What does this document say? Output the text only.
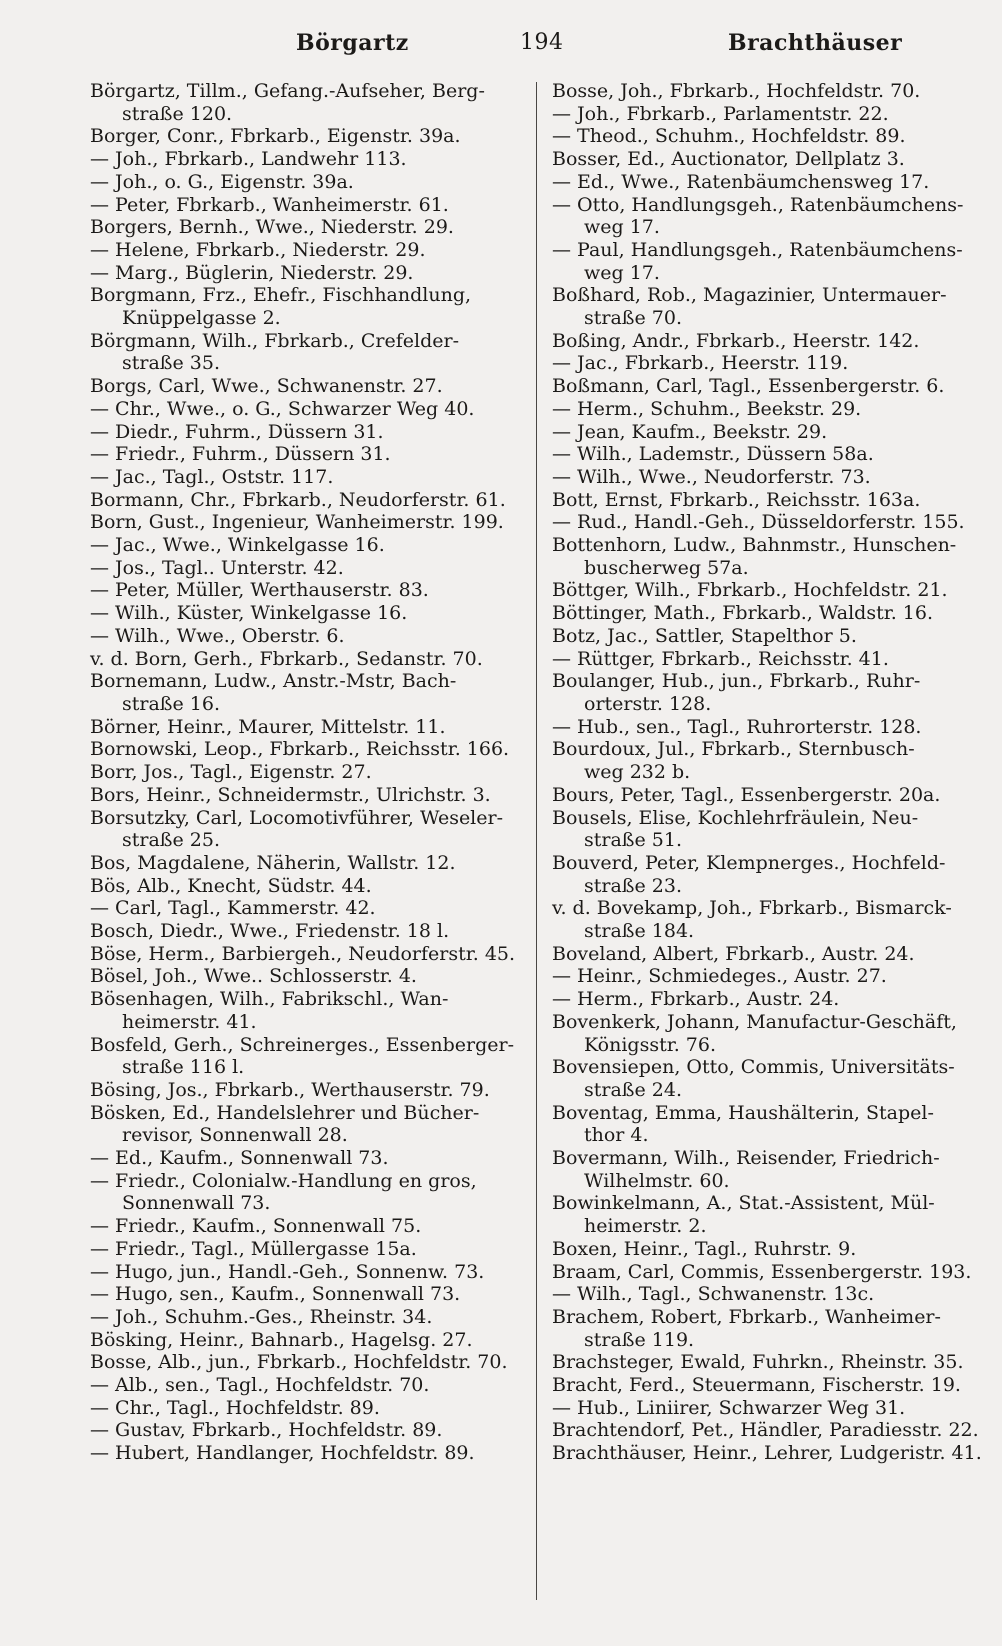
Börgartz	194	Brachthäuser
Börgartz, Tillm., Gefang.-Aufseher, Berg-
straße 120.
Borger, Conr., Fbrkarb., Eigenstr. 39a.
— Joh., Fbrkarb., Landwehr 113.
— Joh., o. G., Eigenstr. 39a.
— Peter, Fbrkarb., Wanheimerstr. 61.
Borgers, Bernh., Wwe., Niederstr. 29.
— Helene, Fbrkarb., Niederstr. 29.
— Marg., Büglerin, Niederstr. 29.
Borgmann, Frz., Ehefr., Fischhandlung,
Knüppelgasse 2.
Börgmann, Wilh., Fbrkarb., Crefelder-
straße 35.
Borgs, Carl, Wwe., Schwanenstr. 27.
— Chr., Wwe., o. G., Schwarzer Weg 40.
— Diedr., Fuhrm., Düssern 31.
— Friedr., Fuhrm., Düssern 31.
— Jac., Tagl., Oststr. 117.
Bormann, Chr., Fbrkarb., Neudorferstr. 61.
Born, Gust., Ingenieur, Wanheimerstr. 199.
— Jac., Wwe., Winkelgasse 16.
— Jos., Tagl.. Unterstr. 42.
— Peter, Müller, Werthauserstr. 83.
— Wilh., Küster, Winkelgasse 16.
— Wilh., Wwe., Oberstr. 6.
v. d. Born, Gerh., Fbrkarb., Sedanstr. 70.
Bornemann, Ludw., Anstr.-Mstr, Bach-
straße 16.
Börner, Heinr., Maurer, Mittelstr. 11.
Bornowski, Leop., Fbrkarb., Reichsstr. 166.
Borr, Jos., Tagl., Eigenstr. 27.
Bors, Heinr., Schneidermstr., Ulrichstr. 3.
Borsutzky, Carl, Locomotivführer, Weseler-
straße 25.
Bos, Magdalene, Näherin, Wallstr. 12.
Bös, Alb., Knecht, Südstr. 44.
— Carl, Tagl., Kammerstr. 42.
Bosch, Diedr., Wwe., Friedenstr. 18 l.
Böse, Herm., Barbiergeh., Neudorferstr. 45.
Bösel, Joh., Wwe.. Schlosserstr. 4.
Bösenhagen, Wilh., Fabrikschl., Wan-
heimerstr. 41.
Bosfeld, Gerh., Schreinerges., Essenberger-
straße 116 l.
Bösing, Jos., Fbrkarb., Werthauserstr. 79.
Bösken, Ed., Handelslehrer und Bücher-
revisor, Sonnenwall 28.
— Ed., Kaufm., Sonnenwall 73.
— Friedr., Colonialw.-Handlung en gros,
Sonnenwall 73.
— Friedr., Kaufm., Sonnenwall 75.
— Friedr., Tagl., Müllergasse 15a.
— Hugo, jun., Handl.-Geh., Sonnenw. 73.
— Hugo, sen., Kaufm., Sonnenwall 73.
— Joh., Schuhm.-Ges., Rheinstr. 34.
Bösking, Heinr., Bahnarb., Hagelsg. 27.
Bosse, Alb., jun., Fbrkarb., Hochfeldstr. 70.
— Alb., sen., Tagl., Hochfeldstr. 70.
— Chr., Tagl., Hochfeldstr. 89.
— Gustav, Fbrkarb., Hochfeldstr. 89.
— Hubert, Handlanger, Hochfeldstr. 89.
Bosse, Joh., Fbrkarb., Hochfeldstr. 70.
— Joh., Fbrkarb., Parlamentstr. 22.
— Theod., Schuhm., Hochfeldstr. 89.
Bosser, Ed., Auctionator, Dellplatz 3.
— Ed., Wwe., Ratenbäumchensweg 17.
— Otto, Handlungsgeh., Ratenbäumchens-
weg 17.
— Paul, Handlungsgeh., Ratenbäumchens-
weg 17.
Boßhard, Rob., Magazinier, Untermauer-
straße 70.
Boßing, Andr., Fbrkarb., Heerstr. 142.
— Jac., Fbrkarb., Heerstr. 119.
Boßmann, Carl, Tagl., Essenbergerstr. 6.
— Herm., Schuhm., Beekstr. 29.
— Jean, Kaufm., Beekstr. 29.
— Wilh., Lademstr., Düssern 58a.
— Wilh., Wwe., Neudorferstr. 73.
Bott, Ernst, Fbrkarb., Reichsstr. 163a.
— Rud., Handl.-Geh., Düsseldorferstr. 155.
Bottenhorn, Ludw., Bahnmstr., Hunschen-
buscherweg 57a.
Böttger, Wilh., Fbrkarb., Hochfeldstr. 21.
Böttinger, Math., Fbrkarb., Waldstr. 16.
Botz, Jac., Sattler, Stapelthor 5.
— Rüttger, Fbrkarb., Reichsstr. 41.
Boulanger, Hub., jun., Fbrkarb., Ruhr-
orterstr. 128.
— Hub., sen., Tagl., Ruhrorterstr. 128.
Bourdoux, Jul., Fbrkarb., Sternbusch-
weg 232 b.
Bours, Peter, Tagl., Essenbergerstr. 20a.
Bousels, Elise, Kochlehrfräulein, Neu-
straße 51.
Bouverd, Peter, Klempnerges., Hochfeld-
straße 23.
v. d. Bovekamp, Joh., Fbrkarb., Bismarck-
straße 184.
Boveland, Albert, Fbrkarb., Austr. 24.
— Heinr., Schmiedeges., Austr. 27.
— Herm., Fbrkarb., Austr. 24.
Bovenkerk, Johann, Manufactur-Geschäft,
Königsstr. 76.
Bovensiepen, Otto, Commis, Universitäts-
straße 24.
Boventag, Emma, Haushälterin, Stapel-
thor 4.
Bovermann, Wilh., Reisender, Friedrich-
Wilhelmstr. 60.
Bowinkelmann, A., Stat.-Assistent, Mül-
heimerstr. 2.
Boxen, Heinr., Tagl., Ruhrstr. 9.
Braam, Carl, Commis, Essenbergerstr. 193.
— Wilh., Tagl., Schwanenstr. 13c.
Brachem, Robert, Fbrkarb., Wanheimer-
straße 119.
Brachsteger, Ewald, Fuhrkn., Rheinstr. 35.
Bracht, Ferd., Steuermann, Fischerstr. 19.
— Hub., Liniirer, Schwarzer Weg 31.
Brachtendorf, Pet., Händler, Paradiesstr. 22.
Brachthäuser, Heinr., Lehrer, Ludgeristr. 41.
